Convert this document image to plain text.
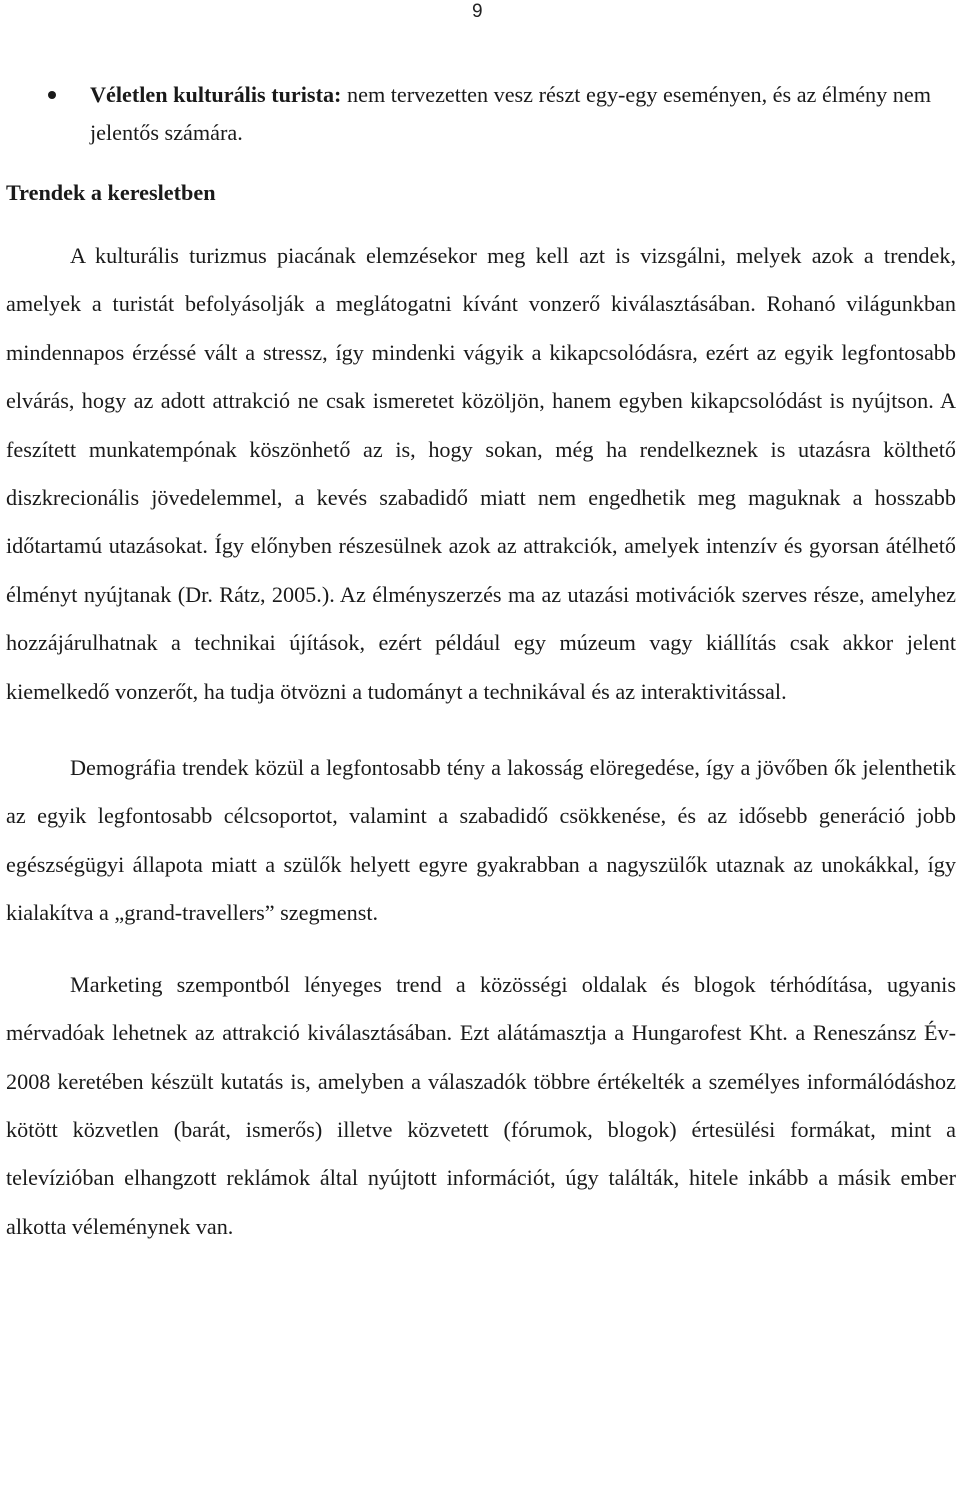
9
Véletlen kulturális turista: nem tervezetten vesz részt egy-egy eseményen, és az élmény nem jelentős számára.
Trendek a keresletben

A kulturális turizmus piacának elemzésekor meg kell azt is vizsgálni, melyek azok a trendek, amelyek a turistát befolyásolják a meglátogatni kívánt vonzerő kiválasztásában. Rohanó világunkban mindennapos érzéssé vált a stressz, így mindenki vágyik a kikapcsolódásra, ezért az egyik legfontosabb elvárás, hogy az adott attrakció ne csak ismeretet közöljön, hanem egyben kikapcsolódást is nyújtson. A feszített munkatempónak köszönhető az is, hogy sokan, még ha rendelkeznek is utazásra költhető diszkrecionális jövedelemmel, a kevés szabadidő miatt nem engedhetik meg maguknak a hosszabb időtartamú utazásokat. Így előnyben részesülnek azok az attrakciók, amelyek intenzív és gyorsan átélhető élményt nyújtanak (Dr. Rátz, 2005.). Az élményszerzés ma az utazási motivációk szerves része, amelyhez hozzájárulhatnak a technikai újítások, ezért például egy múzeum vagy kiállítás csak akkor jelent kiemelkedő vonzerőt, ha tudja ötvözni a tudományt a technikával és az interaktivitással.

Demográfia trendek közül a legfontosabb tény a lakosság elöregedése, így a jövőben ők jelenthetik az egyik legfontosabb célcsoportot, valamint a szabadidő csökkenése, és az idősebb generáció jobb egészségügyi állapota miatt a szülők helyett egyre gyakrabban a nagyszülők utaznak az unokákkal, így kialakítva a „grand-travellers” szegmenst.

Marketing szempontból lényeges trend a közösségi oldalak és blogok térhódítása, ugyanis mérvadóak lehetnek az attrakció kiválasztásában. Ezt alátámasztja a Hungarofest Kht. a Reneszánsz Év-2008 keretében készült kutatás is, amelyben a válaszadók többre értékelték a személyes informálódáshoz kötött közvetlen (barát, ismerős) illetve közvetett (fórumok, blogok) értesülési formákat, mint a televízióban elhangzott reklámok által nyújtott információt, úgy találták, hitele inkább a másik ember alkotta véleménynek van.
